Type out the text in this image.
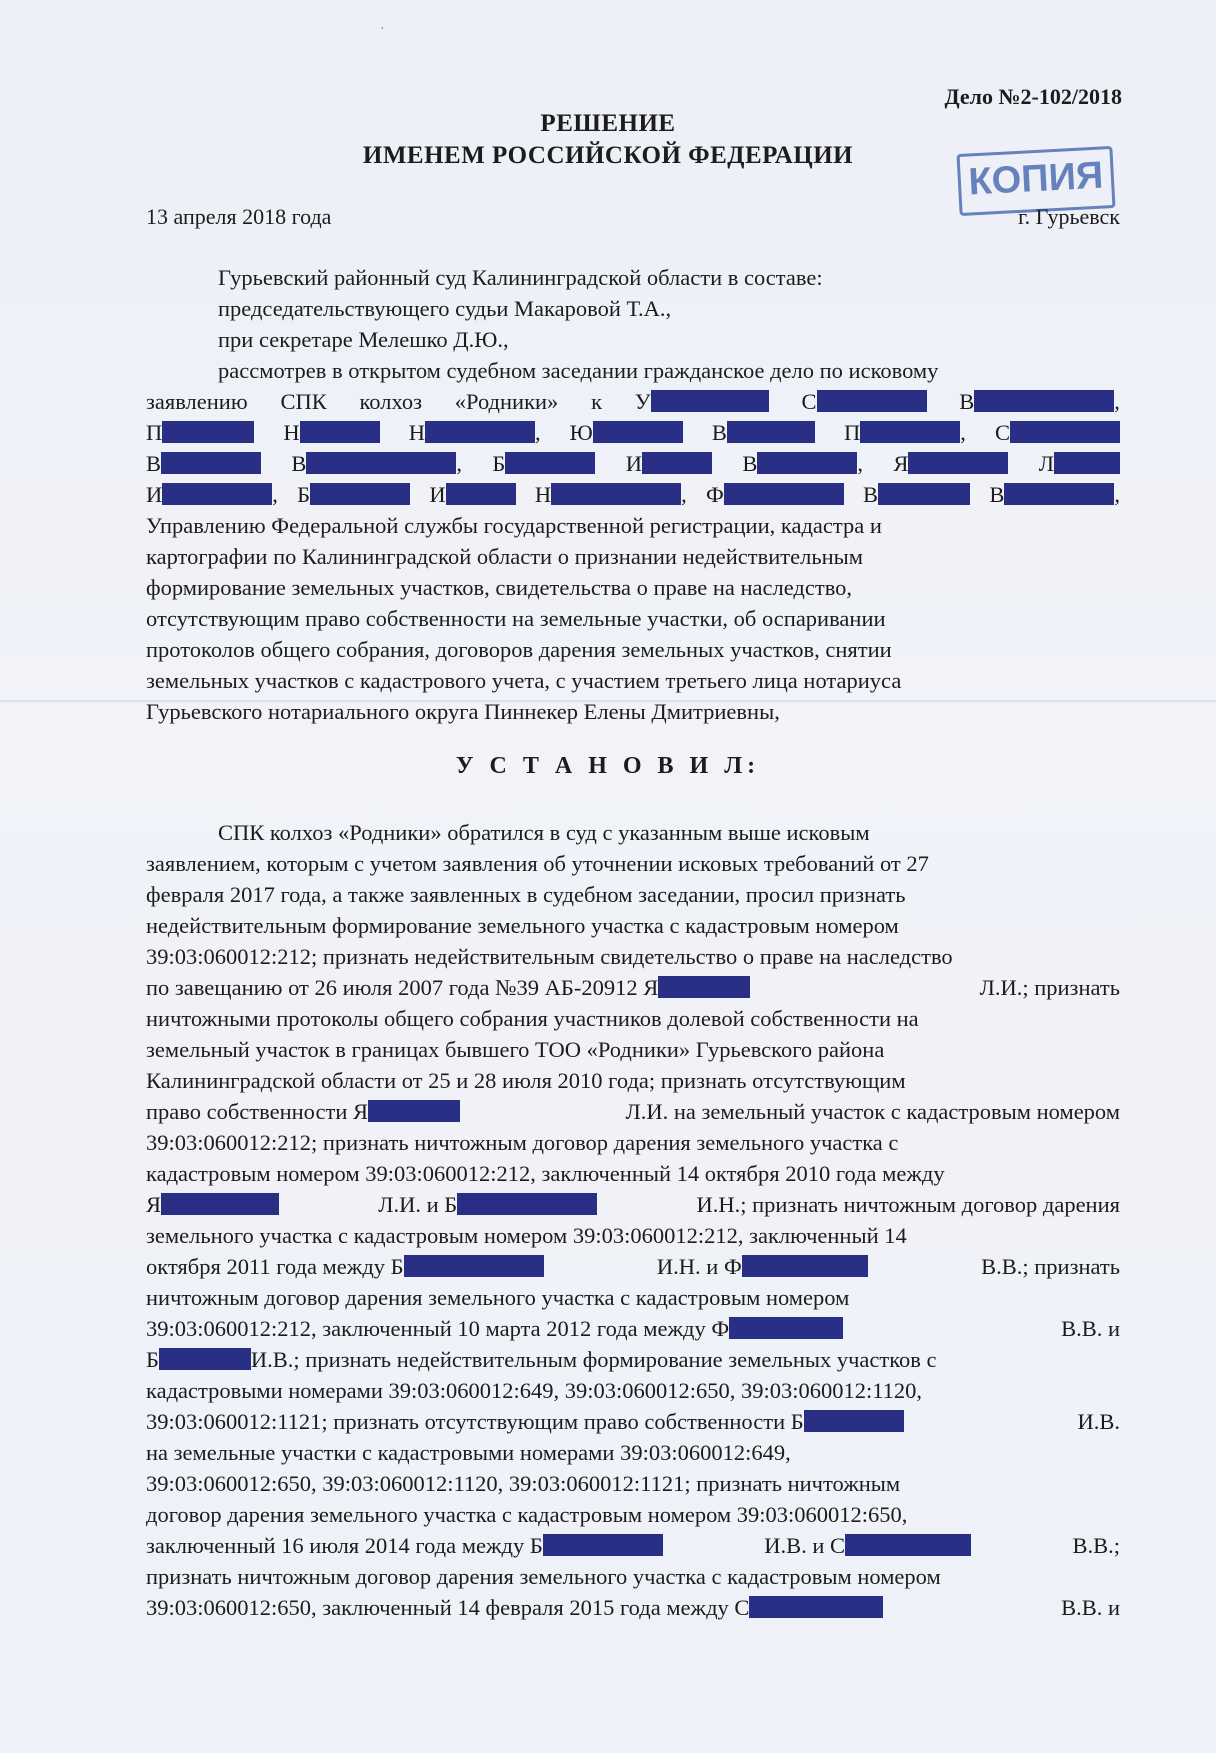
·
Дело №2-102/2018
РЕШЕНИЕ
ИМЕНЕМ РОССИЙСКОЙ ФЕДЕРАЦИИ	КОПИЯ
13 апреля 2018 года	г. Гурьевск
Гурьевский районный суд Калининградской области в составе:
председательствующего судьи Макаровой Т.А.,
при секретаре Мелешко Д.Ю.,
рассмотрев в открытом судебном заседании гражданское дело по исковому
заявлению СПК колхоз «Родники» к У	С	В	,
П	Н	Н	, Ю	В	П	, С
В	В	, Б	И	В	, Я	Л
И	, Б	И	Н	, Ф	В	В	,
Управлению Федеральной службы государственной регистрации, кадастра и
картографии по Калининградской области о признании недействительным
формирование земельных участков, свидетельства о праве на наследство,
отсутствующим право собственности на земельные участки, об оспаривании
протоколов общего собрания, договоров дарения земельных участков, снятии
земельных участков с кадастрового учета, с участием третьего лица нотариуса
Гурьевского нотариального округа Пиннекер Елены Дмитриевны,
У С Т А Н О В И Л:
СПК колхоз «Родники» обратился в суд с указанным выше исковым
заявлением, которым с учетом заявления об уточнении исковых требований от 27
февраля 2017 года, а также заявленных в судебном заседании, просил признать
недействительным формирование земельного участка с кадастровым номером
39:03:060012:212; признать недействительным свидетельство о праве на наследство
по завещанию от 26 июля 2007 года №39 АБ-20912 Я	Л.И.; признать
ничтожными протоколы общего собрания участников долевой собственности на
земельный участок в границах бывшего ТОО «Родники» Гурьевского района
Калининградской области от 25 и 28 июля 2010 года; признать отсутствующим
право собственности Я	Л.И. на земельный участок с кадастровым номером
39:03:060012:212; признать ничтожным договор дарения земельного участка с
кадастровым номером 39:03:060012:212, заключенный 14 октября 2010 года между
Я	Л.И. и Б	И.Н.; признать ничтожным договор дарения
земельного участка с кадастровым номером 39:03:060012:212, заключенный 14
октября 2011 года между Б	И.Н. и Ф	В.В.; признать
ничтожным договор дарения земельного участка с кадастровым номером
39:03:060012:212, заключенный 10 марта 2012 года между Ф	В.В. и
Б	И.В.; признать недействительным формирование земельных участков с
кадастровыми номерами 39:03:060012:649, 39:03:060012:650, 39:03:060012:1120,
39:03:060012:1121; признать отсутствующим право собственности Б	И.В.
на земельные участки с кадастровыми номерами 39:03:060012:649,
39:03:060012:650, 39:03:060012:1120, 39:03:060012:1121; признать ничтожным
договор дарения земельного участка с кадастровым номером 39:03:060012:650,
заключенный 16 июля 2014 года между Б	И.В. и С	В.В.;
признать ничтожным договор дарения земельного участка с кадастровым номером
39:03:060012:650, заключенный 14 февраля 2015 года между С	В.В. и
